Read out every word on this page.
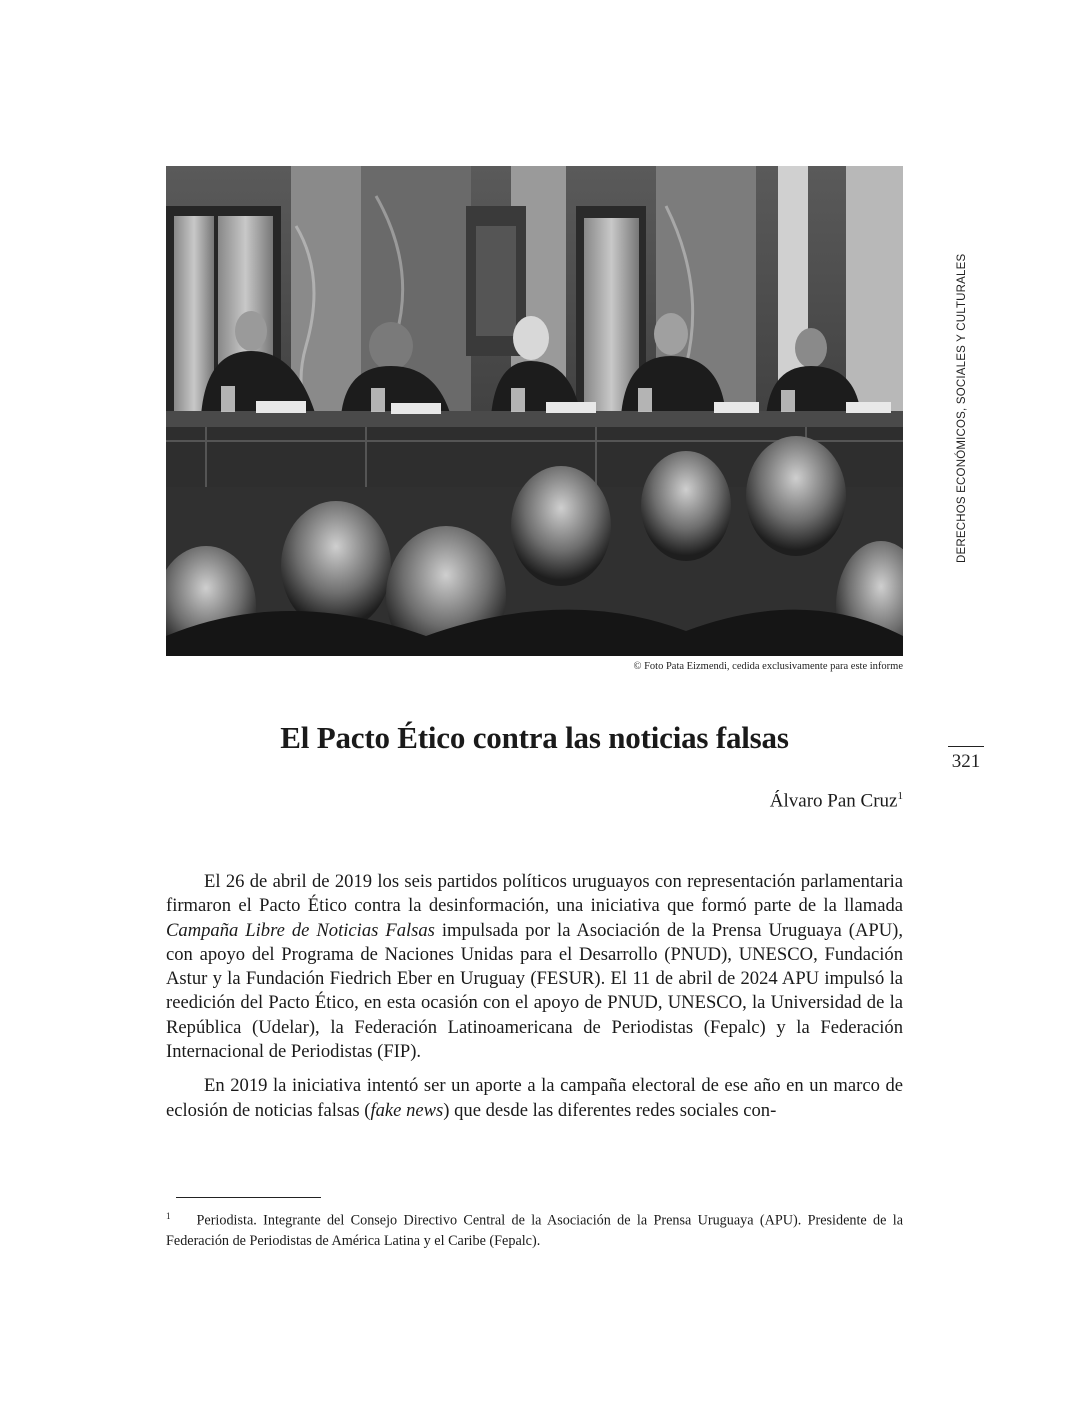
© Foto Pata Eizmendi, cedida exclusivamente para este informe
DERECHOS ECONÓMICOS, SOCIALES Y CULTURALES
321
El Pacto Ético contra las noticias falsas
Álvaro Pan Cruz$^1$

El 26 de abril de 2019 los seis partidos políticos uruguayos con representación parlamentaria firmaron el Pacto Ético contra la desinformación, una iniciativa que formó parte de la llamada Campaña Libre de Noticias Falsas impulsada por la Asociación de la Prensa Uruguaya (APU), con apoyo del Programa de Naciones Unidas para el Desarrollo (PNUD), UNESCO, Fundación Astur y la Fundación Fiedrich Eber en Uruguay (FESUR). El 11 de abril de 2024 APU impulsó la reedición del Pacto Ético, en esta ocasión con el apoyo de PNUD, UNESCO, la Universidad de la República (Udelar), la Federación Latinoamericana de Periodistas (Fepalc) y la Federación Internacional de Periodistas (FIP).

En 2019 la iniciativa intentó ser un aporte a la campaña electoral de ese año en un marco de eclosión de noticias falsas (fake news) que desde las diferentes redes sociales con-

$^1$ Periodista. Integrante del Consejo Directivo Central de la Asociación de la Prensa Uruguaya (APU). Presidente de la Federación de Periodistas de América Latina y el Caribe (Fepalc).
